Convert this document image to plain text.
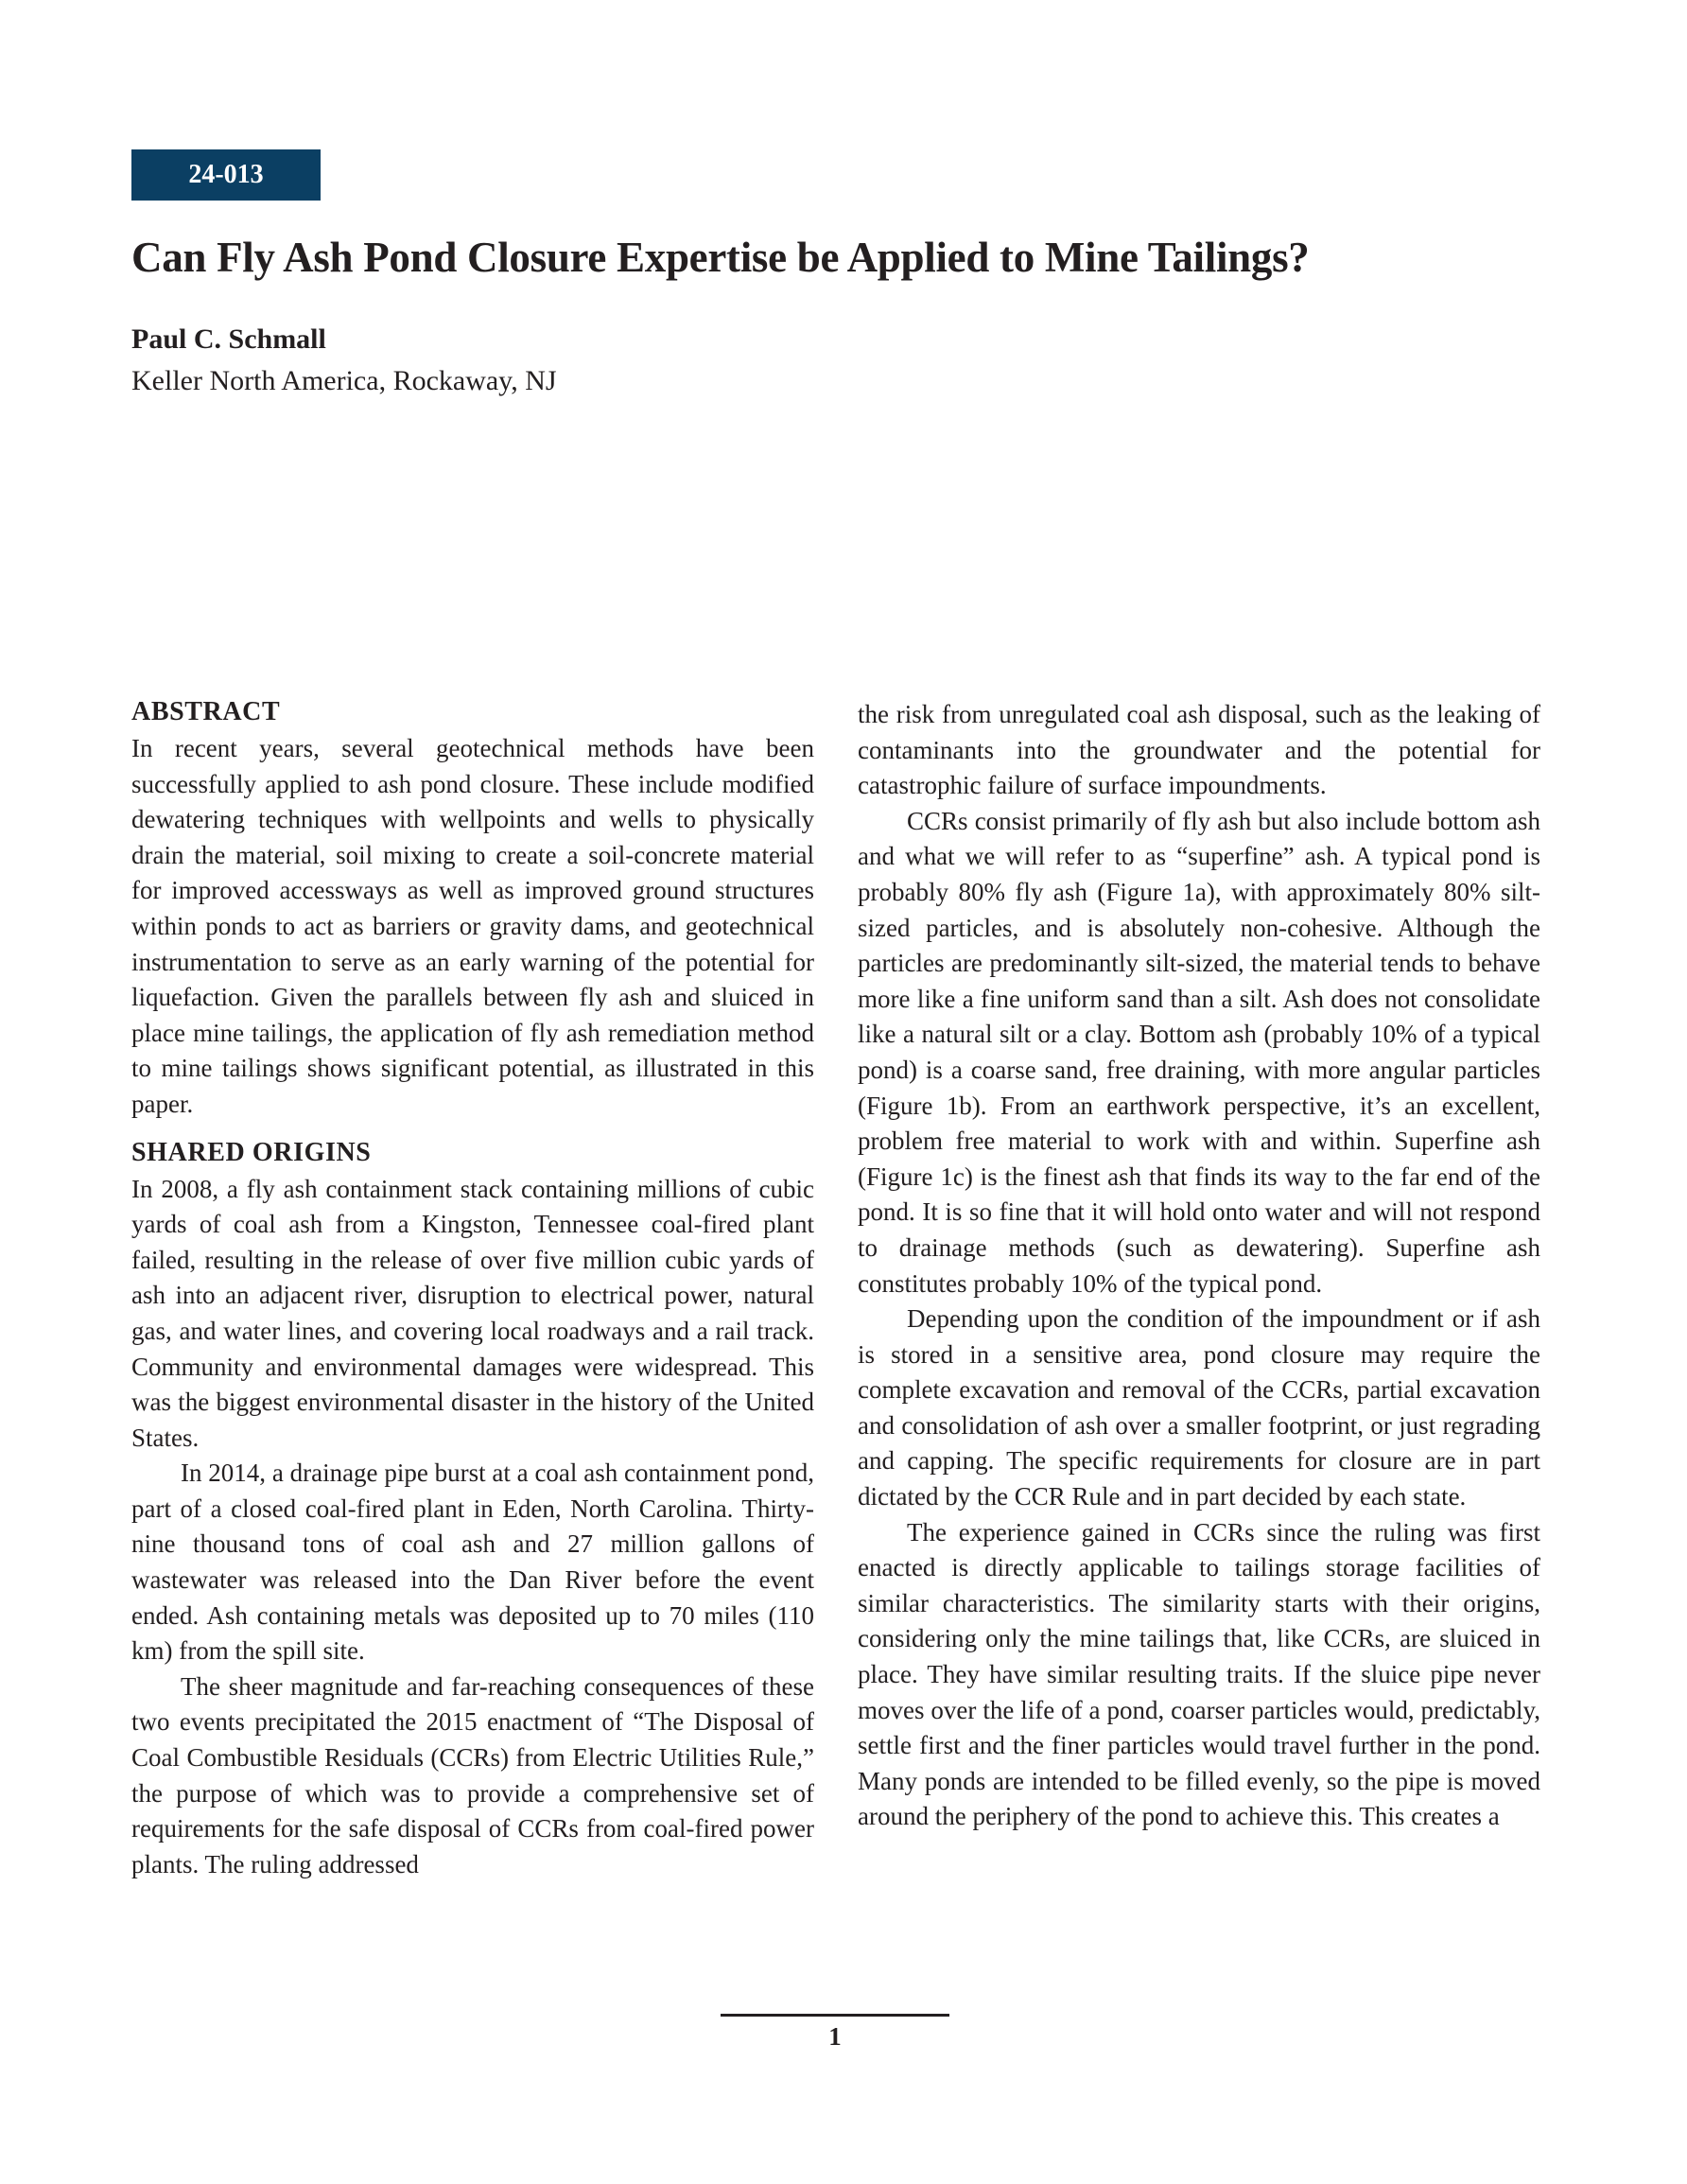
24-013
Can Fly Ash Pond Closure Expertise be Applied to Mine Tailings?
Paul C. Schmall
Keller North America, Rockaway, NJ
ABSTRACT

In recent years, several geotechnical methods have been successfully applied to ash pond closure. These include modified dewatering techniques with wellpoints and wells to physically drain the material, soil mixing to create a soil-concrete material for improved accessways as well as improved ground structures within ponds to act as barriers or gravity dams, and geotechnical instrumentation to serve as an early warning of the potential for liquefaction. Given the parallels between fly ash and sluiced in place mine tailings, the application of fly ash remediation method to mine tailings shows significant potential, as illustrated in this paper.

SHARED ORIGINS

In 2008, a fly ash containment stack containing millions of cubic yards of coal ash from a Kingston, Tennessee coal-fired plant failed, resulting in the release of over five million cubic yards of ash into an adjacent river, disruption to electrical power, natural gas, and water lines, and covering local roadways and a rail track. Community and environmental damages were widespread. This was the biggest environmental disaster in the history of the United States.

In 2014, a drainage pipe burst at a coal ash containment pond, part of a closed coal-fired plant in Eden, North Carolina. Thirty-nine thousand tons of coal ash and 27 million gallons of wastewater was released into the Dan River before the event ended. Ash containing metals was deposited up to 70 miles (110 km) from the spill site.

The sheer magnitude and far-reaching consequences of these two events precipitated the 2015 enactment of “The Disposal of Coal Combustible Residuals (CCRs) from Electric Utilities Rule,” the purpose of which was to provide a comprehensive set of requirements for the safe disposal of CCRs from coal-fired power plants. The ruling addressed

the risk from unregulated coal ash disposal, such as the leaking of contaminants into the groundwater and the potential for catastrophic failure of surface impoundments.

CCRs consist primarily of fly ash but also include bottom ash and what we will refer to as “superfine” ash. A typical pond is probably 80% fly ash (Figure 1a), with approximately 80% silt-sized particles, and is absolutely non-cohesive. Although the particles are predominantly silt-sized, the material tends to behave more like a fine uniform sand than a silt. Ash does not consolidate like a natural silt or a clay. Bottom ash (probably 10% of a typical pond) is a coarse sand, free draining, with more angular particles (Figure 1b). From an earthwork perspective, it’s an excellent, problem free material to work with and within. Superfine ash (Figure 1c) is the finest ash that finds its way to the far end of the pond. It is so fine that it will hold onto water and will not respond to drainage methods (such as dewatering). Superfine ash constitutes probably 10% of the typical pond.

Depending upon the condition of the impoundment or if ash is stored in a sensitive area, pond closure may require the complete excavation and removal of the CCRs, partial excavation and consolidation of ash over a smaller footprint, or just regrading and capping. The specific requirements for closure are in part dictated by the CCR Rule and in part decided by each state.

The experience gained in CCRs since the ruling was first enacted is directly applicable to tailings storage facilities of similar characteristics. The similarity starts with their origins, considering only the mine tailings that, like CCRs, are sluiced in place. They have similar resulting traits. If the sluice pipe never moves over the life of a pond, coarser particles would, predictably, settle first and the finer particles would travel further in the pond. Many ponds are intended to be filled evenly, so the pipe is moved around the periphery of the pond to achieve this. This creates a

1
